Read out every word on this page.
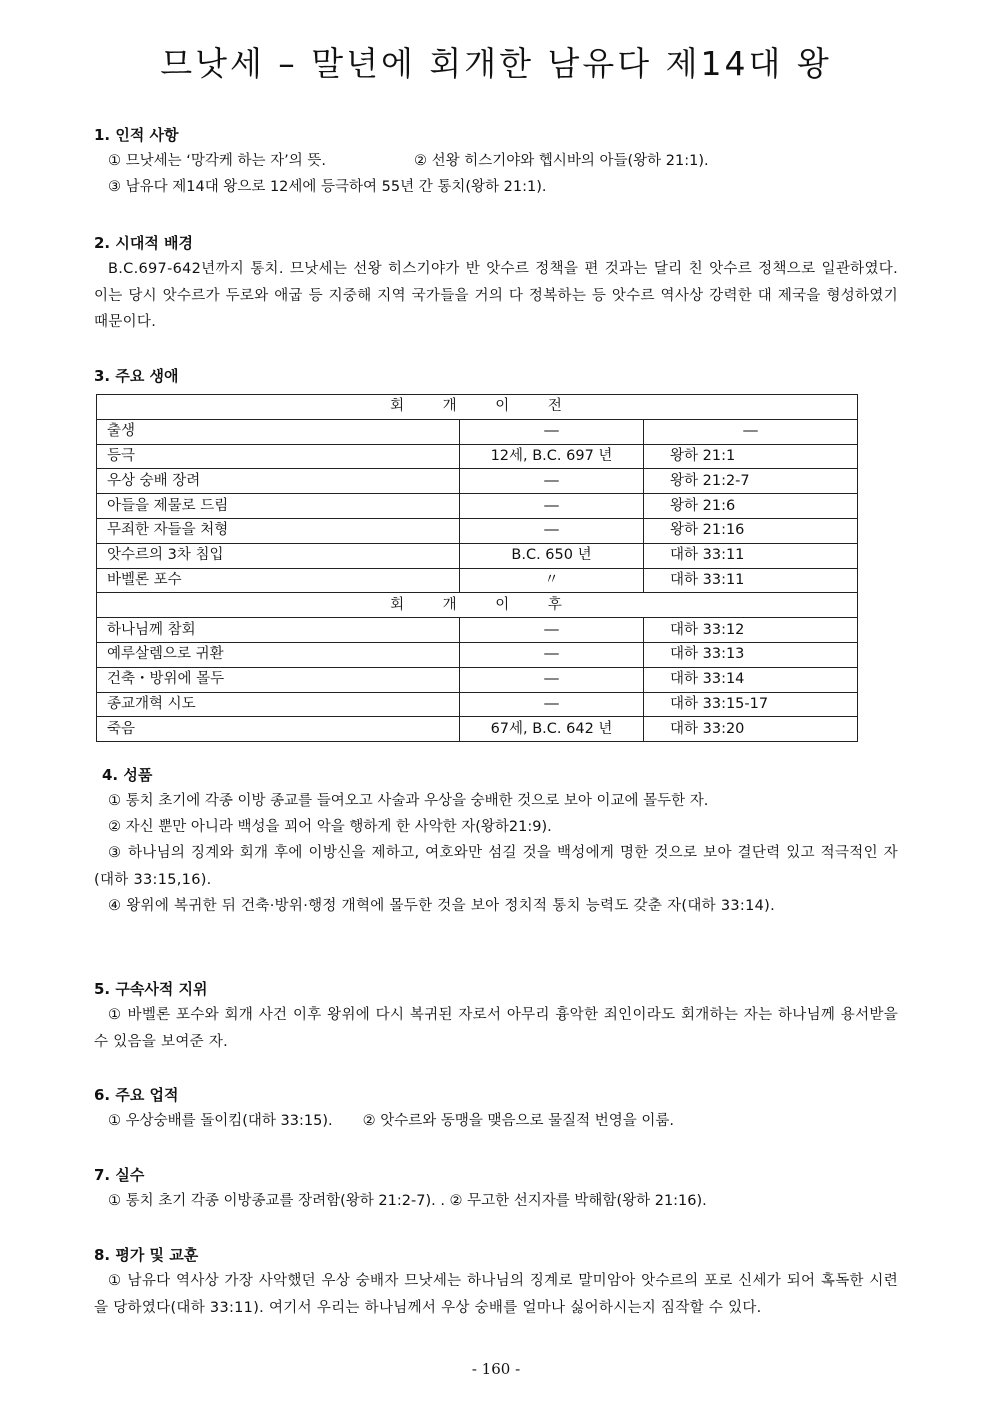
므낫세 – 말년에 회개한 남유다 제14대 왕
1. 인적 사항
① 므낫세는 ‘망각케 하는 자’의 뜻.	② 선왕 히스기야와 헵시바의 아들(왕하 21:1).
③ 남유다 제14대 왕으로 12세에 등극하여 55년 간 통치(왕하 21:1).
2. 시대적 배경
B.C.697-642년까지 통치. 므낫세는 선왕 히스기야가 반 앗수르 정책을 편 것과는 달리 친 앗수르 정책으로 일관하였다. 이는 당시 앗수르가 두로와 애굽 등 지중해 지역 국가들을 거의 다 정복하는 등 앗수르 역사상 강력한 대 제국을 형성하였기 때문이다.
3. 주요 생애
회 개 이 전		
출생	―	―
등극	12세, B.C. 697 년	왕하 21:1
우상 숭배 장려	―	왕하 21:2-7
아들을 제물로 드림	―	왕하 21:6
무죄한 자들을 처형	―	왕하 21:16
앗수르의 3차 침입	B.C. 650 년	대하 33:11
바벨론 포수	〃	대하 33:11
회 개 이 후		
하나님께 참회	―	대하 33:12
예루살렘으로 귀환	―	대하 33:13
건축・방위에 몰두	―	대하 33:14
종교개혁 시도	―	대하 33:15-17
죽음	67세, B.C. 642 년	대하 33:20
4. 성품
① 통치 초기에 각종 이방 종교를 들여오고 사술과 우상을 숭배한 것으로 보아 이교에 몰두한 자.
② 자신 뿐만 아니라 백성을 꾀어 악을 행하게 한 사악한 자(왕하21:9).
③ 하나님의 징계와 회개 후에 이방신을 제하고, 여호와만 섬길 것을 백성에게 명한 것으로 보아 결단력 있고 적극적인 자(대하 33:15,16).
④ 왕위에 복귀한 뒤 건축·방위·행정 개혁에 몰두한 것을 보아 정치적 통치 능력도 갖춘 자(대하 33:14).
5. 구속사적 지위
① 바벨론 포수와 회개 사건 이후 왕위에 다시 복귀된 자로서 아무리 흉악한 죄인이라도 회개하는 자는 하나님께 용서받을 수 있음을 보여준 자.
6. 주요 업적
① 우상숭배를 돌이킴(대하 33:15). ② 앗수르와 동맹을 맺음으로 물질적 번영을 이룸.
7. 실수
① 통치 초기 각종 이방종교를 장려함(왕하 21:2-7). . ② 무고한 선지자를 박해함(왕하 21:16).
8. 평가 및 교훈
① 남유다 역사상 가장 사악했던 우상 숭배자 므낫세는 하나님의 징계로 말미암아 앗수르의 포로 신세가 되어 혹독한 시련을 당하였다(대하 33:11). 여기서 우리는 하나님께서 우상 숭배를 얼마나 싫어하시는지 짐작할 수 있다.
- 160 -
